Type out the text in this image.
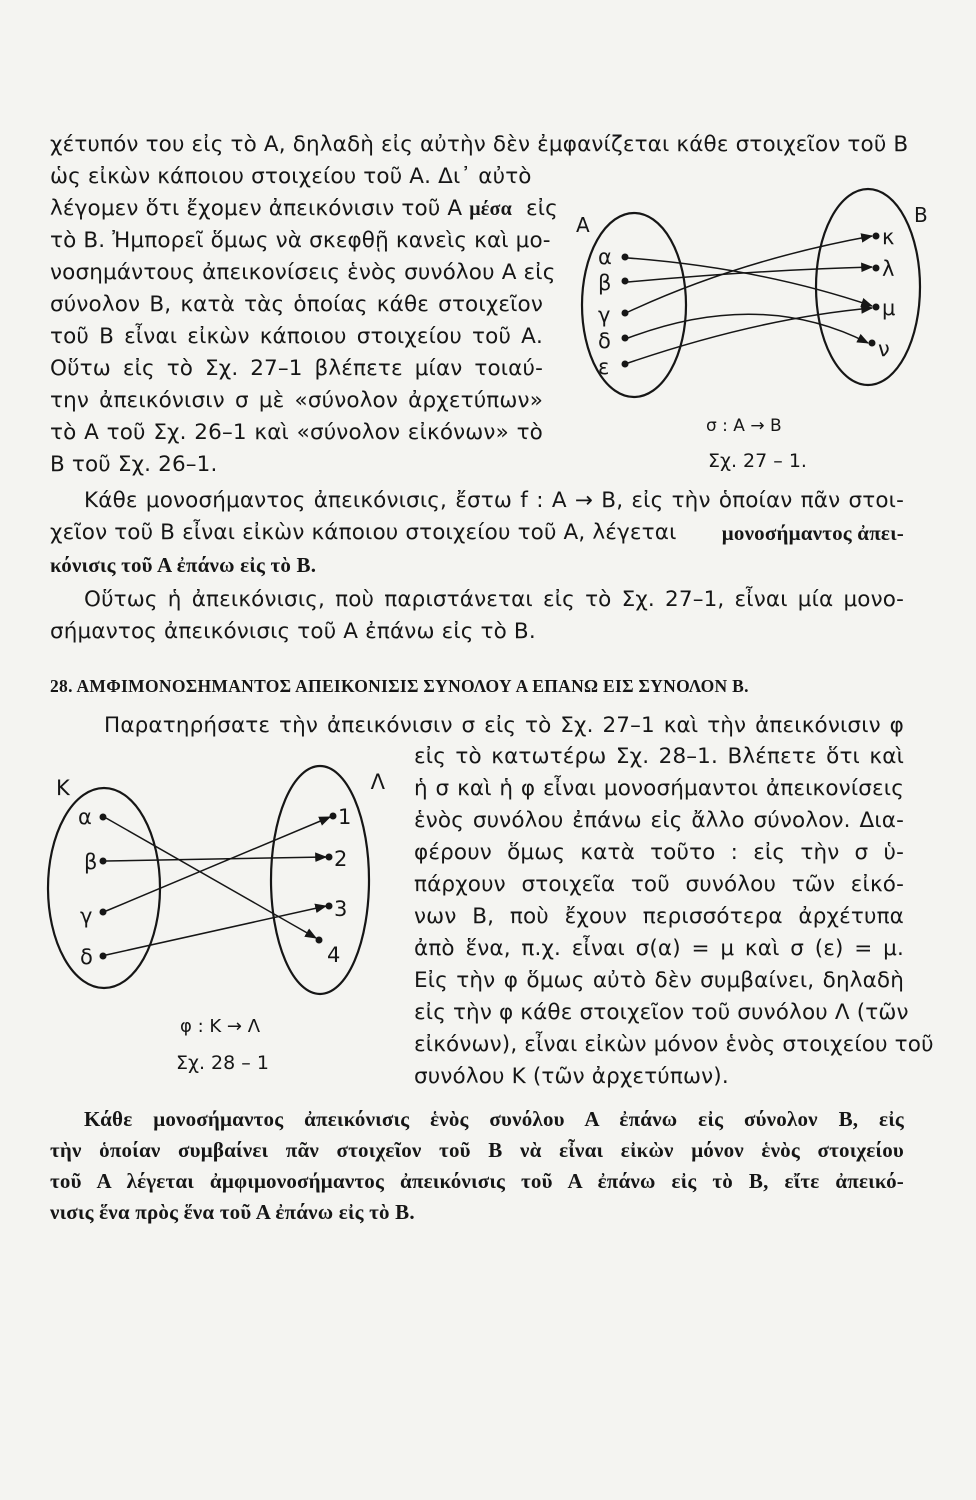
χέτυπόν του εἰς τὸ Α, δηλαδὴ εἰς αὐτὴν δὲν ἐμφανίζεται κάθε στοιχεῖον τοῦ Β
ὡς εἰκὼν κάποιου στοιχείου τοῦ Α. Δι᾽ αὐτὸ
λέγομεν ὅτι ἔχομεν ἀπεικόνισιν τοῦ Α μέσα εἰς
τὸ Β. Ἠμπορεῖ ὅμως νὰ σκεφθῇ κανεὶς καὶ μο-
νοσημάντους ἀπεικονίσεις ἑνὸς συνόλου Α εἰς
σύνολον Β, κατὰ τὰς ὁποίας κάθε στοιχεῖον
τοῦ Β εἶναι εἰκὼν κάποιου στοιχείου τοῦ Α.
Οὕτω εἰς τὸ Σχ. 27–1 βλέπετε μίαν τοιαύ-
την ἀπεικόνισιν σ μὲ «σύνολον ἀρχετύπων»
τὸ Α τοῦ Σχ. 26–1 καὶ «σύνολον εἰκόνων» τὸ
Β τοῦ Σχ. 26–1.
Α	Β
α
β
γ
δ
ε
κ
λ
μ
ν
σ : Α → Β
Σχ. 27 – 1.
Κάθε μονοσήμαντος ἀπεικόνισις, ἔστω f : Α → Β, εἰς τὴν ὁποίαν πᾶν στοι-
χεῖον τοῦ Β εἶναι εἰκὼν κάποιου στοιχείου τοῦ Α, λέγεται μονοσήμαντος ἀπει-
κόνισις τοῦ Α ἐπάνω εἰς τὸ Β.
Οὕτως ἡ ἀπεικόνισις, ποὺ παριστάνεται εἰς τὸ Σχ. 27–1, εἶναι μία μονο-
σήμαντος ἀπεικόνισις τοῦ Α ἐπάνω εἰς τὸ Β.
28. ΑΜΦΙΜΟΝΟΣΗΜΑΝΤΟΣ ΑΠΕΙΚΟΝΙΣΙΣ ΣΥΝΟΛΟΥ Α ΕΠΑΝΩ ΕΙΣ ΣΥΝΟΛΟΝ Β.
Παρατηρήσατε τὴν ἀπεικόνισιν σ εἰς τὸ Σχ. 27–1 καὶ τὴν ἀπεικόνισιν φ
εἰς τὸ κατωτέρω Σχ. 28–1. Βλέπετε ὅτι καὶ
ἡ σ καὶ ἡ φ εἶναι μονοσήμαντοι ἀπεικονίσεις
ἑνὸς συνόλου ἐπάνω εἰς ἄλλο σύνολον. Δια-
φέρουν ὅμως κατὰ τοῦτο : εἰς τὴν σ ὑ-
πάρχουν στοιχεῖα τοῦ συνόλου τῶν εἰκό-
νων Β, ποὺ ἔχουν περισσότερα ἀρχέτυπα
ἀπὸ ἕνα, π.χ. εἶναι σ(α) = μ καὶ σ (ε) = μ.
Εἰς τὴν φ ὅμως αὐτὸ δὲν συμβαίνει, δηλαδὴ
εἰς τὴν φ κάθε στοιχεῖον τοῦ συνόλου Λ (τῶν
εἰκόνων), εἶναι εἰκὼν μόνον ἑνὸς στοιχείου τοῦ
συνόλου Κ (τῶν ἀρχετύπων).
Κ	Λ
α
β
γ
δ
1
2
3
4
φ : Κ → Λ
Σχ. 28 – 1
Κάθε μονοσήμαντος ἀπεικόνισις ἑνὸς συνόλου Α ἐπάνω εἰς σύνολον Β, εἰς
τὴν ὁποίαν συμβαίνει πᾶν στοιχεῖον τοῦ Β νὰ εἶναι εἰκὼν μόνον ἑνὸς στοιχείου
τοῦ Α λέγεται ἀμφιμονοσήμαντος ἀπεικόνισις τοῦ Α ἐπάνω εἰς τὸ Β, εἴτε ἀπεικό-
νισις ἕνα πρὸς ἕνα τοῦ Α ἐπάνω εἰς τὸ Β.
